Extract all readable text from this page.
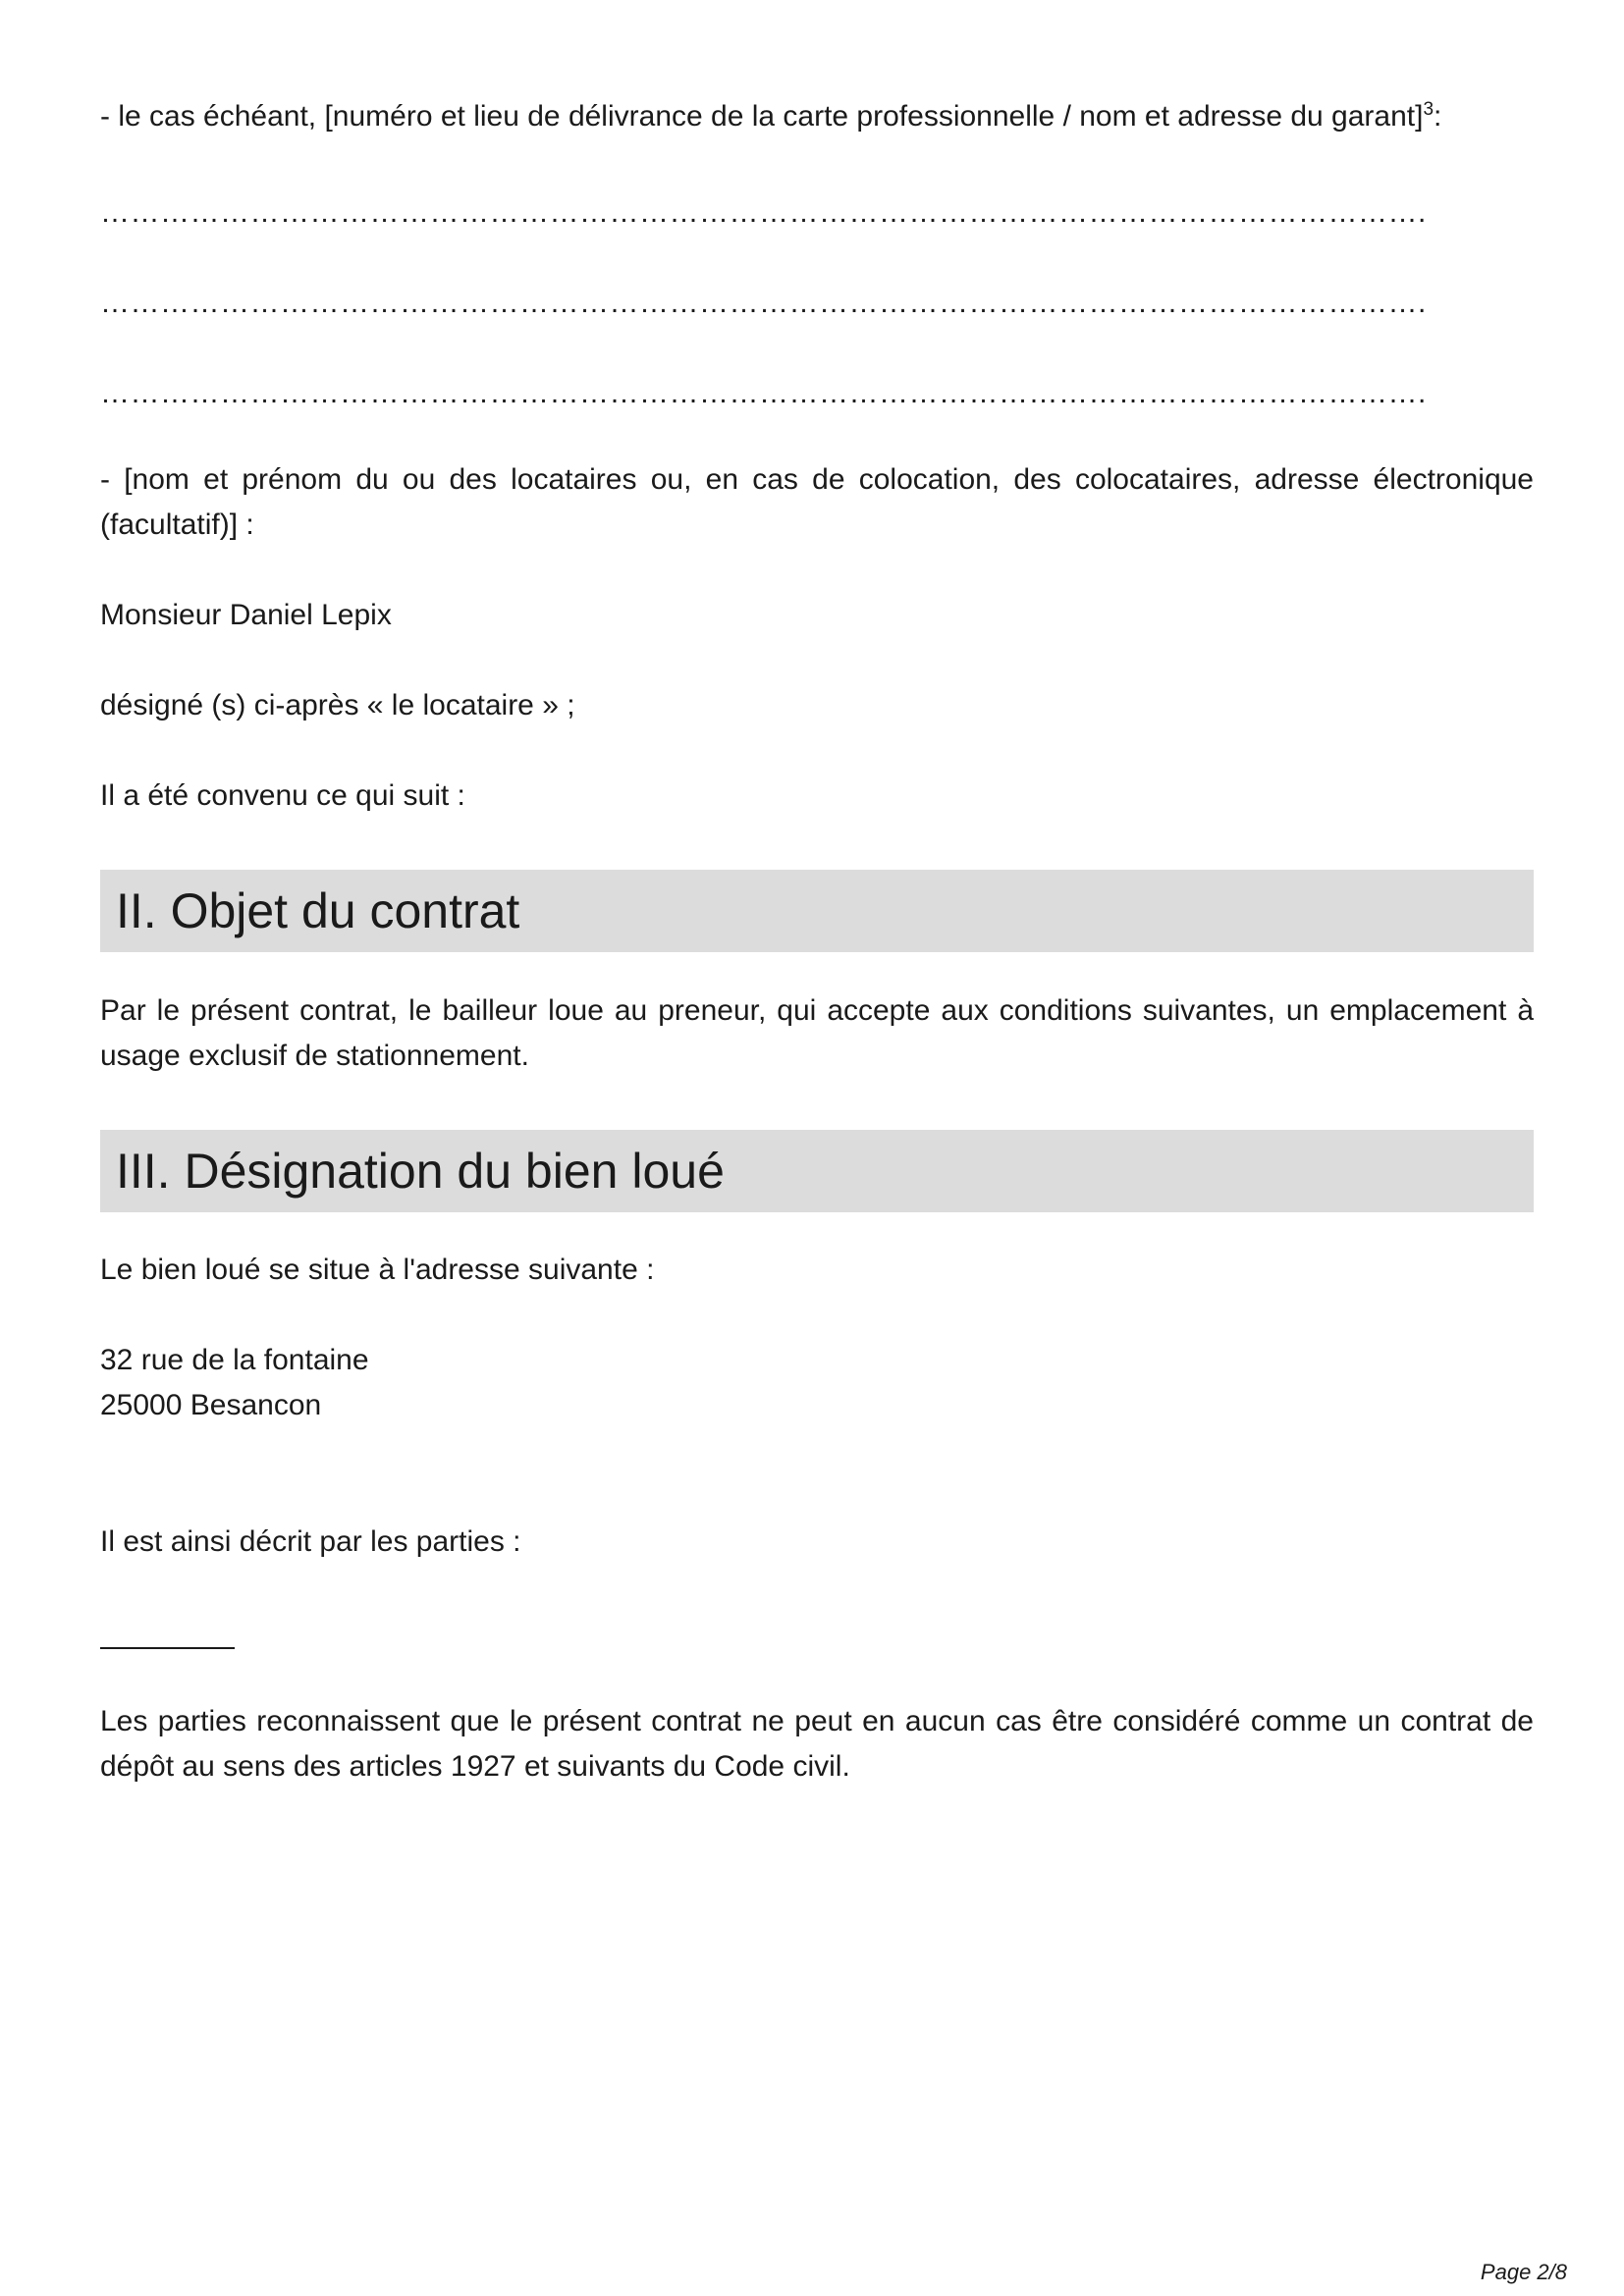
- le cas échéant, [numéro et lieu de délivrance de la carte professionnelle / nom et adresse du garant]$^3$:

…………………………………………………………………………………………………………………….
…………………………………………………………………………………………………………………….
…………………………………………………………………………………………………………………….

- [nom et prénom du ou des locataires ou, en cas de colocation, des colocataires, adresse électronique (facultatif)] :

Monsieur Daniel Lepix

désigné (s) ci-après « le locataire » ;

Il a été convenu ce qui suit :

II. Objet du contrat

Par le présent contrat, le bailleur loue au preneur, qui accepte aux conditions suivantes, un emplacement à usage exclusif de stationnement.

III. Désignation du bien loué

Le bien loué se situe à l'adresse suivante :

32 rue de la fontaine

25000 Besancon

Il est ainsi décrit par les parties :

Les parties reconnaissent que le présent contrat ne peut en aucun cas être considéré comme un contrat de dépôt au sens des articles 1927 et suivants du Code civil.

Page 2/8
